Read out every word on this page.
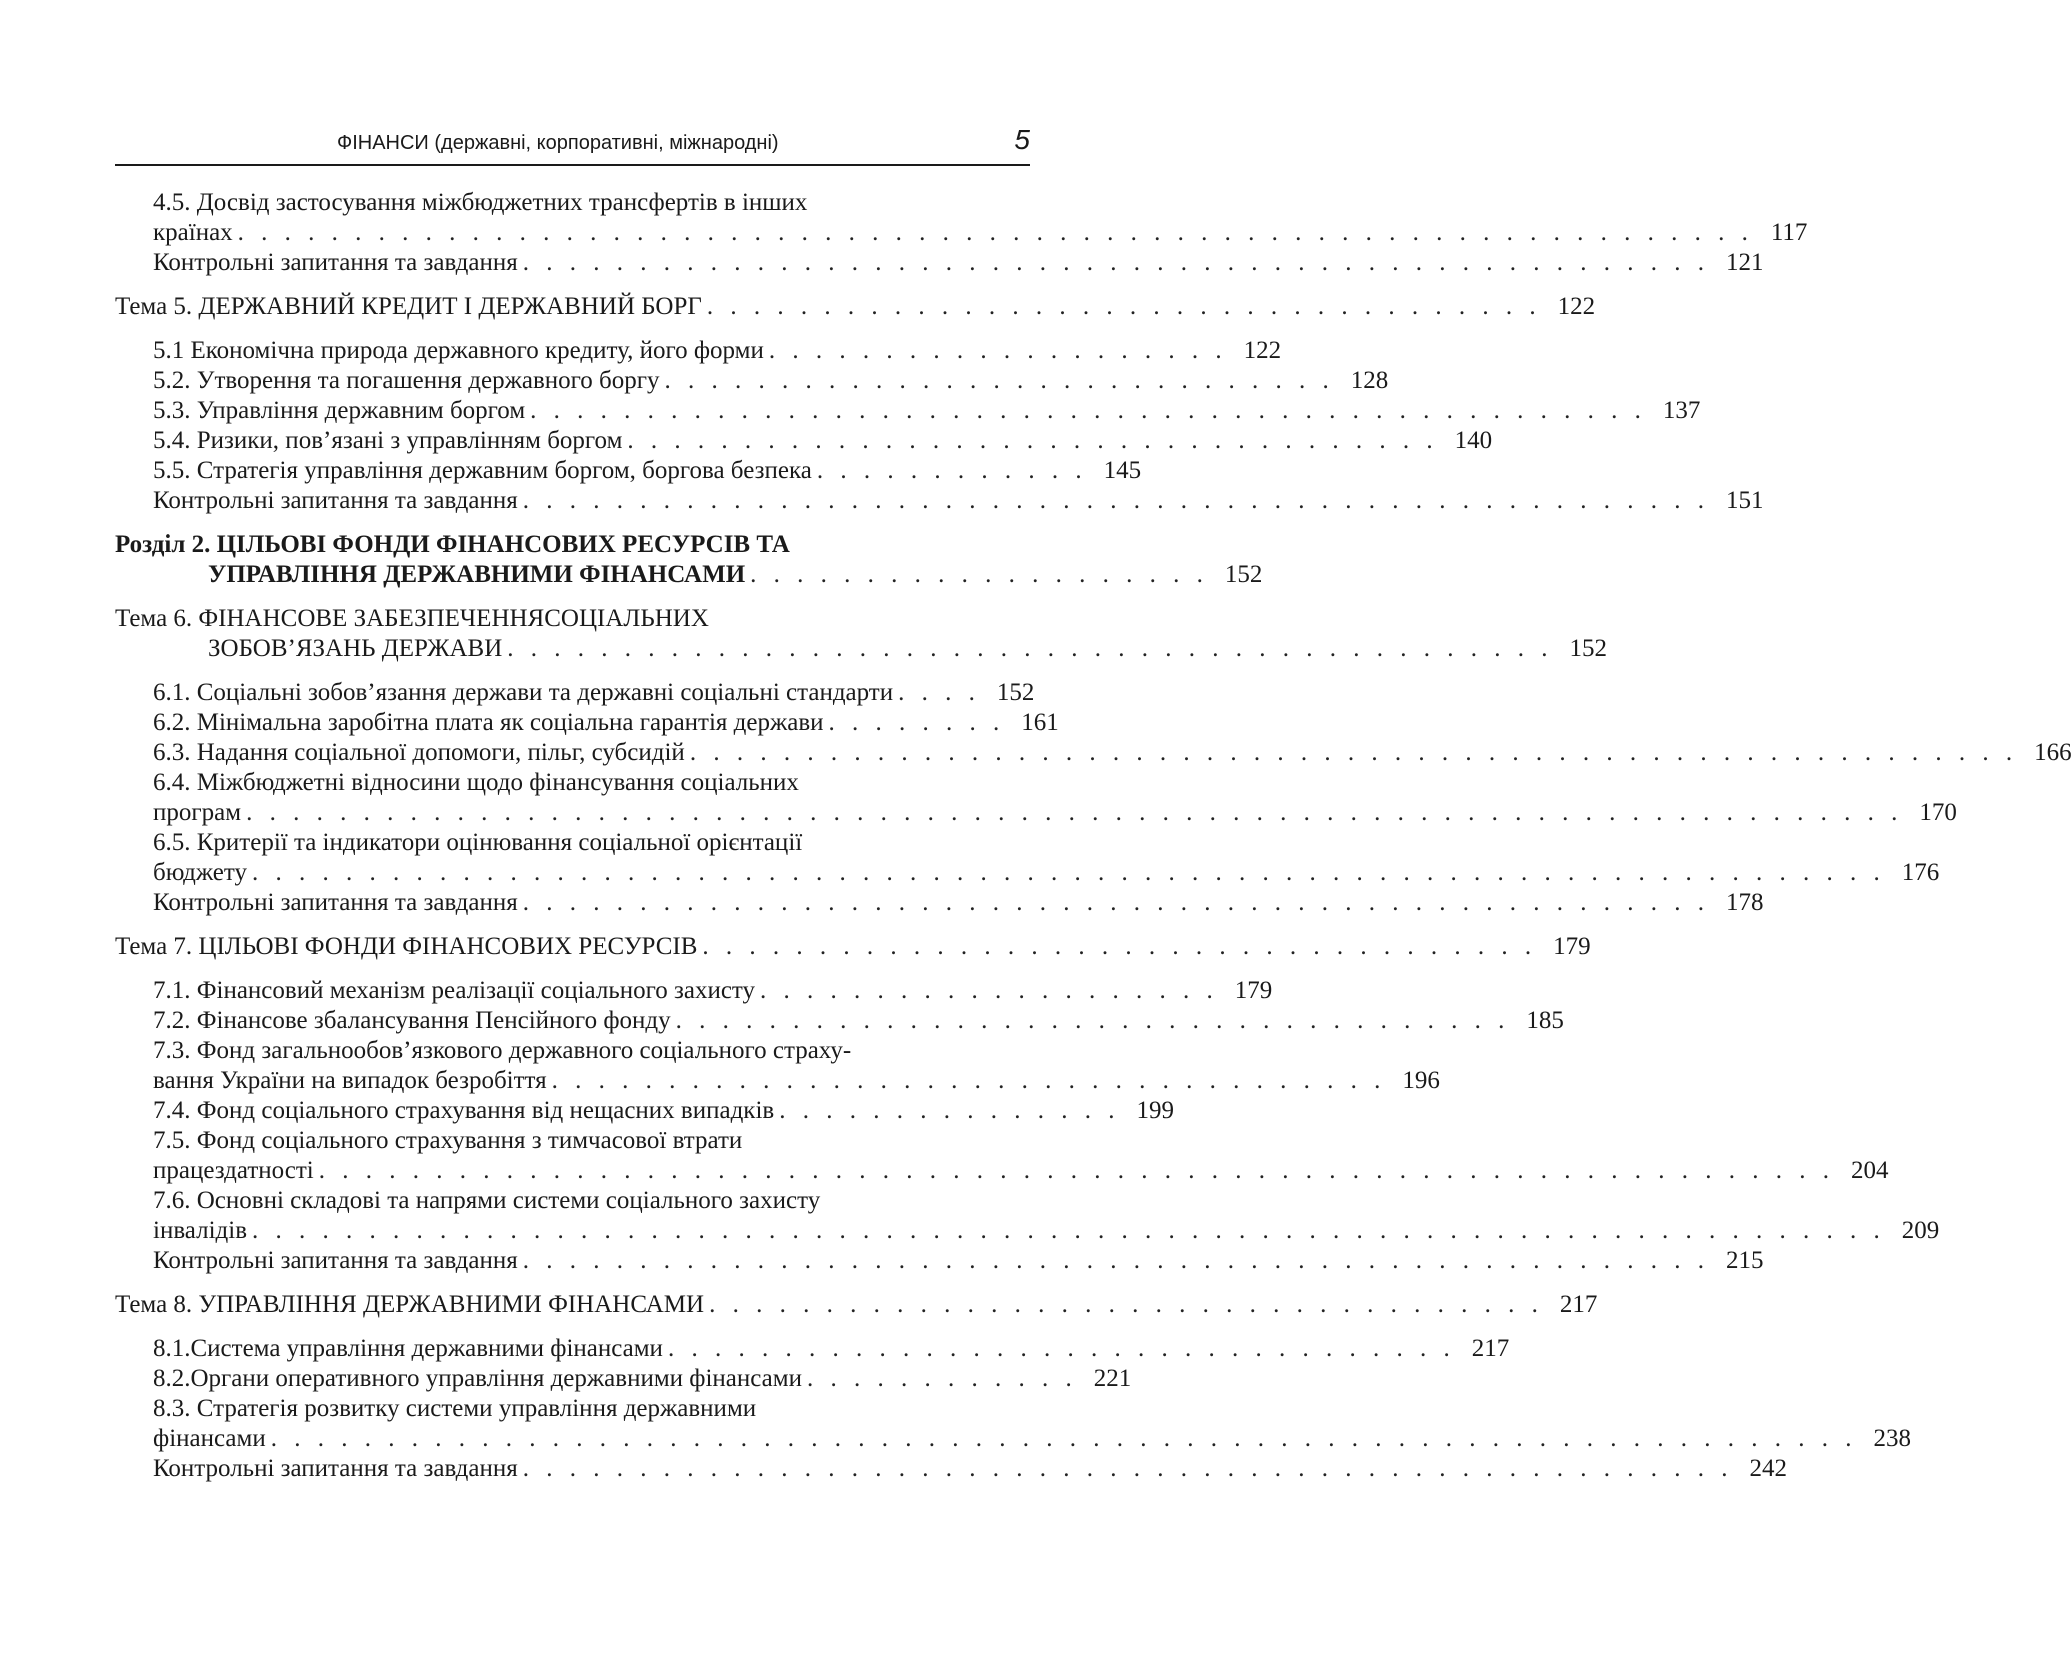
ФІНАНСИ (державні, корпоративні, міжнародні)	5
4.5. Досвід застосування міжбюджетних трансфертів в інших
країнах . . . . . . . . . . . . . . . . . . . . . . . . . . . . . . . . . . . . . . . . . . . . . . . . . . . . . . . . . . . . . . . . . 117
Контрольні запитання та завдання . . . . . . . . . . . . . . . . . . . . . . . . . . . . . . . . . . . . . . . . . . . . . . . . . . . 121
Тема 5. ДЕРЖАВНИЙ КРЕДИТ І ДЕРЖАВНИЙ БОРГ . . . . . . . . . . . . . . . . . . . . . . . . . . . . . . . . . . . . 122
5.1 Економічна природа державного кредиту, його форми . . . . . . . . . . . . . . . . . . . . 122
5.2. Утворення та погашення державного боргу . . . . . . . . . . . . . . . . . . . . . . . . . . . . . 128
5.3. Управління державним боргом . . . . . . . . . . . . . . . . . . . . . . . . . . . . . . . . . . . . . . . . . . . . . . . . 137
5.4. Ризики, пов’язані з управлінням боргом . . . . . . . . . . . . . . . . . . . . . . . . . . . . . . . . . . . 140
5.5. Стратегія управління державним боргом, боргова безпека . . . . . . . . . . . . 145
Контрольні запитання та завдання . . . . . . . . . . . . . . . . . . . . . . . . . . . . . . . . . . . . . . . . . . . . . . . . . . . 151
Розділ 2. ЦІЛЬОВІ ФОНДИ ФІНАНСОВИХ РЕСУРСІВ ТА
УПРАВЛІННЯ ДЕРЖАВНИМИ ФІНАНСАМИ . . . . . . . . . . . . . . . . . . . . 152
Тема 6. ФІНАНСОВЕ ЗАБЕЗПЕЧЕННЯСОЦІАЛЬНИХ
ЗОБОВ’ЯЗАНЬ ДЕРЖАВИ . . . . . . . . . . . . . . . . . . . . . . . . . . . . . . . . . . . . . . . . . . . . . 152
6.1. Соціальні зобов’язання держави та державні соціальні стандарти . . . . 152
6.2. Мінімальна заробітна плата як соціальна гарантія держави . . . . . . . . 161
6.3. Надання соціальної допомоги, пільг, субсидій . . . . . . . . . . . . . . . . . . . . . . . . . . . . . . . . . . . . . . . . . . . . . . . . . . . . . . . . . 166
6.4. Міжбюджетні відносини щодо фінансування соціальних
програм . . . . . . . . . . . . . . . . . . . . . . . . . . . . . . . . . . . . . . . . . . . . . . . . . . . . . . . . . . . . . . . . . . . . . . . 170
6.5. Критерії та індикатори оцінювання соціальної орієнтації
бюджету . . . . . . . . . . . . . . . . . . . . . . . . . . . . . . . . . . . . . . . . . . . . . . . . . . . . . . . . . . . . . . . . . . . . . . 176
Контрольні запитання та завдання . . . . . . . . . . . . . . . . . . . . . . . . . . . . . . . . . . . . . . . . . . . . . . . . . . . 178
Тема 7. ЦІЛЬОВІ ФОНДИ ФІНАНСОВИХ РЕСУРСІВ . . . . . . . . . . . . . . . . . . . . . . . . . . . . . . . . . . . . 179
7.1. Фінансовий механізм реалізації соціального захисту . . . . . . . . . . . . . . . . . . . . 179
7.2. Фінансове збалансування Пенсійного фонду . . . . . . . . . . . . . . . . . . . . . . . . . . . . . . . . . . . . 185
7.3. Фонд загальнообов’язкового державного соціального страху-
вання України на випадок безробіття . . . . . . . . . . . . . . . . . . . . . . . . . . . . . . . . . . . . 196
7.4. Фонд соціального страхування від нещасних випадків . . . . . . . . . . . . . . . 199
7.5. Фонд соціального страхування з тимчасової втрати
працездатності . . . . . . . . . . . . . . . . . . . . . . . . . . . . . . . . . . . . . . . . . . . . . . . . . . . . . . . . . . . . . . . . . 204
7.6. Основні складові та напрями системи соціального захисту
інвалідів . . . . . . . . . . . . . . . . . . . . . . . . . . . . . . . . . . . . . . . . . . . . . . . . . . . . . . . . . . . . . . . . . . . . . . 209
Контрольні запитання та завдання . . . . . . . . . . . . . . . . . . . . . . . . . . . . . . . . . . . . . . . . . . . . . . . . . . . 215
Тема 8. УПРАВЛІННЯ ДЕРЖАВНИМИ ФІНАНСАМИ . . . . . . . . . . . . . . . . . . . . . . . . . . . . . . . . . . . . 217
8.1.Система управління державними фінансами . . . . . . . . . . . . . . . . . . . . . . . . . . . . . . . . . . 217
8.2.Органи оперативного управління державними фінансами . . . . . . . . . . . . 221
8.3. Стратегія розвитку системи управління державними
фінансами . . . . . . . . . . . . . . . . . . . . . . . . . . . . . . . . . . . . . . . . . . . . . . . . . . . . . . . . . . . . . . . . . . . . 238
Контрольні запитання та завдання . . . . . . . . . . . . . . . . . . . . . . . . . . . . . . . . . . . . . . . . . . . . . . . . . . . . 242
